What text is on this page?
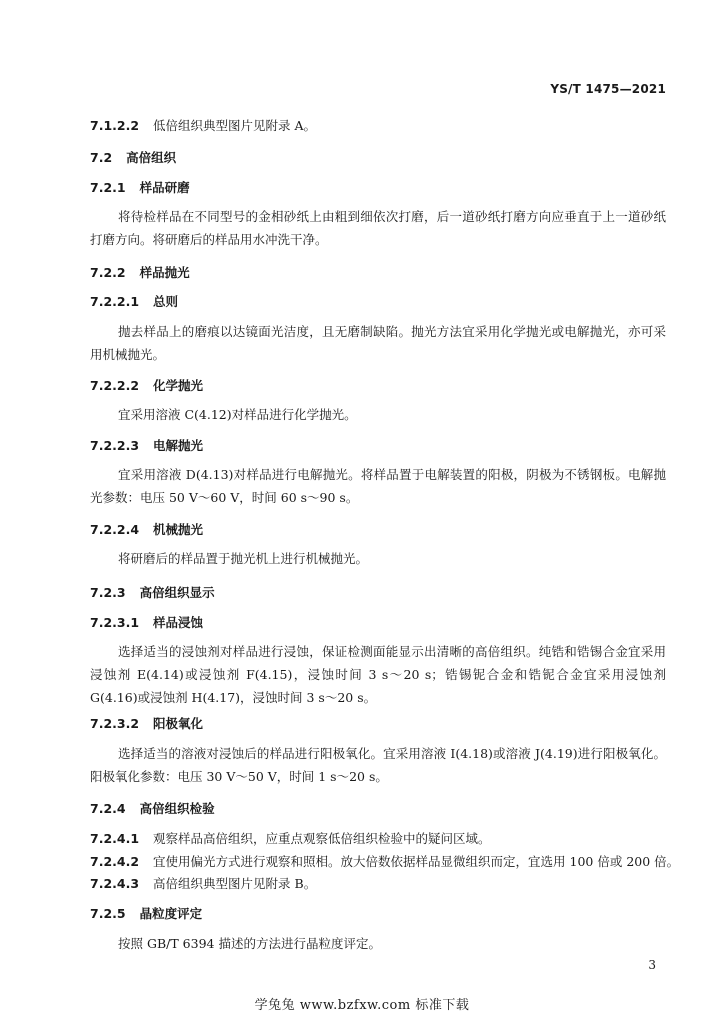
YS/T 1475—2021
7.1.2.2 低倍组织典型图片见附录 A。
7.2 高倍组织
7.2.1 样品研磨
将待检样品在不同型号的金相砂纸上由粗到细依次打磨，后一道砂纸打磨方向应垂直于上一道砂纸打磨方向。将研磨后的样品用水冲洗干净。
7.2.2 样品抛光
7.2.2.1 总则
抛去样品上的磨痕以达镜面光洁度，且无磨制缺陷。抛光方法宜采用化学抛光或电解抛光，亦可采用机械抛光。
7.2.2.2 化学抛光
宜采用溶液 C(4.12)对样品进行化学抛光。
7.2.2.3 电解抛光
宜采用溶液 D(4.13)对样品进行电解抛光。将样品置于电解装置的阳极，阴极为不锈钢板。电解抛光参数：电压 50 V～60 V，时间 60 s～90 s。
7.2.2.4 机械抛光
将研磨后的样品置于抛光机上进行机械抛光。
7.2.3 高倍组织显示
7.2.3.1 样品浸蚀
选择适当的浸蚀剂对样品进行浸蚀，保证检测面能显示出清晰的高倍组织。纯锆和锆锡合金宜采用浸蚀剂 E(4.14)或浸蚀剂 F(4.15)，浸蚀时间 3 s～20 s；锆锡铌合金和锆铌合金宜采用浸蚀剂 G(4.16)或浸蚀剂 H(4.17)，浸蚀时间 3 s～20 s。
7.2.3.2 阳极氧化
选择适当的溶液对浸蚀后的样品进行阳极氧化。宜采用溶液 I(4.18)或溶液 J(4.19)进行阳极氧化。阳极氧化参数：电压 30 V～50 V，时间 1 s～20 s。
7.2.4 高倍组织检验
7.2.4.1 观察样品高倍组织，应重点观察低倍组织检验中的疑问区域。
7.2.4.2 宜使用偏光方式进行观察和照相。放大倍数依据样品显微组织而定，宜选用 100 倍或 200 倍。
7.2.4.3 高倍组织典型图片见附录 B。
7.2.5 晶粒度评定
按照 GB/T 6394 描述的方法进行晶粒度评定。
3
学兔兔 www.bzfxw.com 标准下载
